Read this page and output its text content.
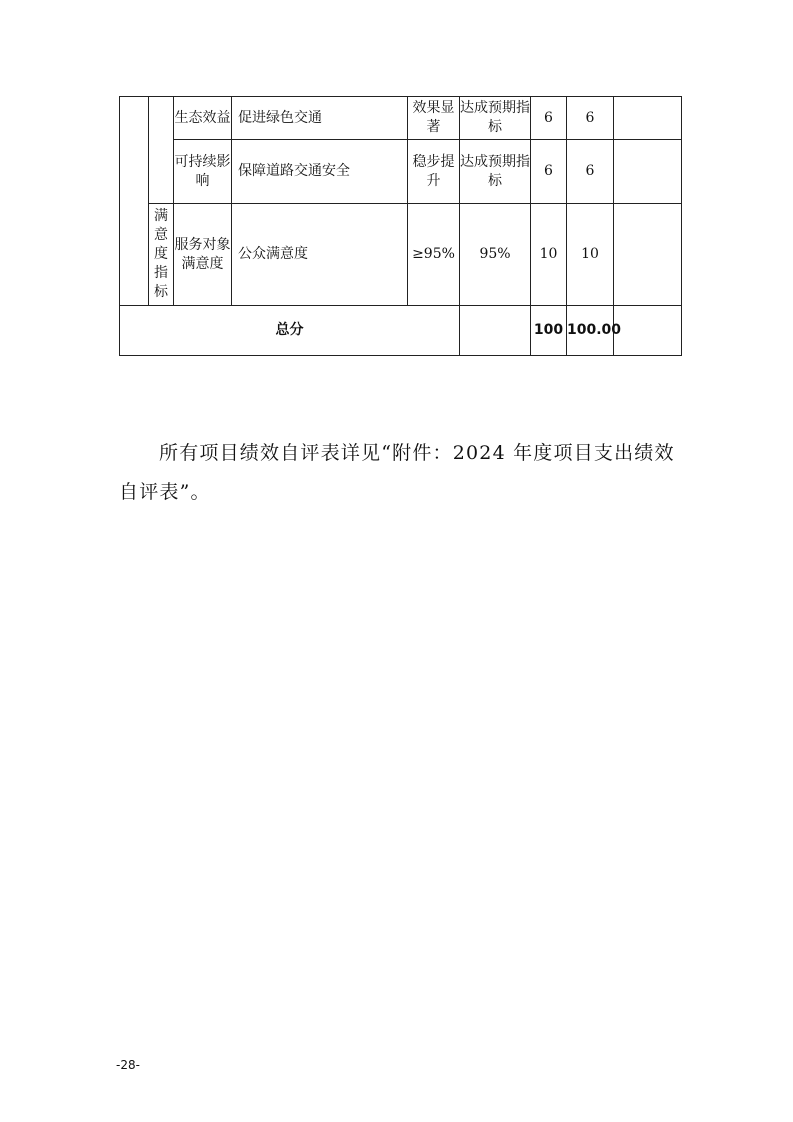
		生态效益	促进绿色交通	效果显著	达成预期指标	6	6	
		可持续影响	保障道路交通安全	稳步提升	达成预期指标	6	6	
	满意度指标	服务对象满意度	公众满意度	≥95%	95%	10	10	
总分						100	100.00	

所有项目绩效自评表详见“附件：2024 年度项目支出绩效自评表”。

-28-
